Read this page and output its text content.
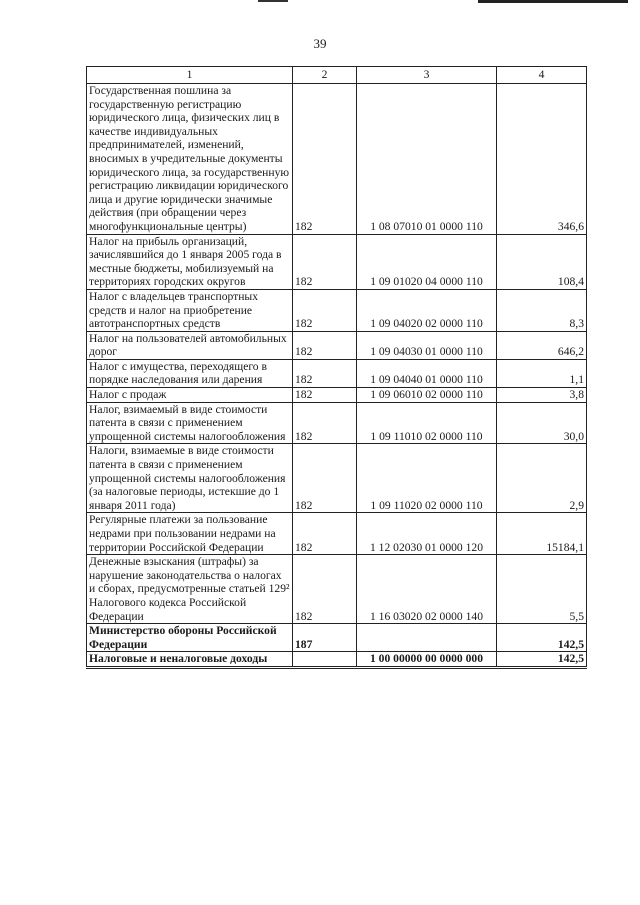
39
1	2	3	4
Государственная пошлина за государственную регистрацию юридического лица, физических лиц в качестве индивидуальных предпринимателей, изменений, вносимых в учредительные документы юридического лица, за государственную регистрацию ликвидации юридического лица и другие юридически значимые действия (при обращении через многофункциональные центры)	182	1 08 07010 01 0000 110	346,6
Налог на прибыль организаций, зачислявшийся до 1 января 2005 года в местные бюджеты, мобилизуемый на территориях городских округов	182	1 09 01020 04 0000 110	108,4
Налог с владельцев транспортных средств и налог на приобретение автотранспортных средств	182	1 09 04020 02 0000 110	8,3
Налог на пользователей автомобильных дорог	182	1 09 04030 01 0000 110	646,2
Налог с имущества, переходящего в порядке наследования или дарения	182	1 09 04040 01 0000 110	1,1
Налог с продаж	182	1 09 06010 02 0000 110	3,8
Налог, взимаемый в виде стоимости патента в связи с применением упрощенной системы налогообложения	182	1 09 11010 02 0000 110	30,0
Налоги, взимаемые в виде стоимости патента в связи с применением упрощенной системы налогообложения (за налоговые периоды, истекшие до 1 января 2011 года)	182	1 09 11020 02 0000 110	2,9
Регулярные платежи за пользование недрами при пользовании недрами на территории Российской Федерации	182	1 12 02030 01 0000 120	15184,1
Денежные взыскания (штрафы) за нарушение законодательства о налогах и сборах, предусмотренные статьей 129² Налогового кодекса Российской Федерации	182	1 16 03020 02 0000 140	5,5
Министерство обороны Российской Федерации	187		142,5
Налоговые и неналоговые доходы		1 00 00000 00 0000 000	142,5
